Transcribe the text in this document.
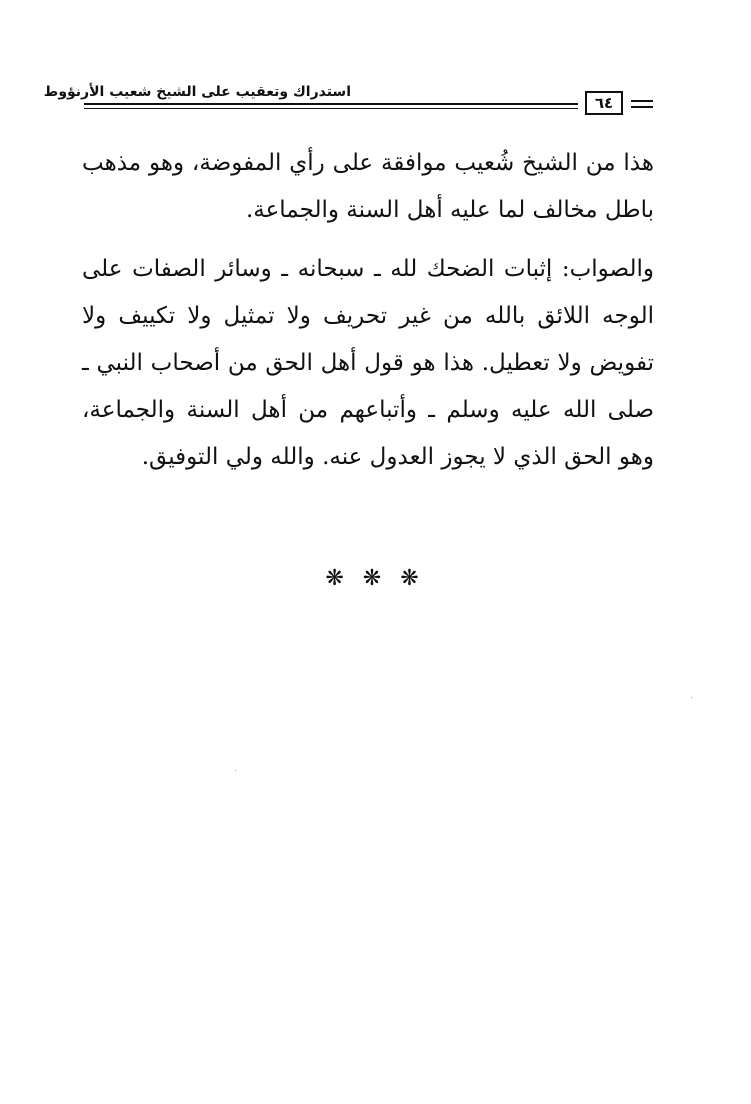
استدراك وتعقيب على الشيخ شعيب الأرنؤوط
٦٤

هذا من الشيخ شُعيب موافقة على رأي المفوضة، وهو مذهب باطل مخالف لما عليه أهل السنة والجماعة.

والصواب: إثبات الضحك لله ـ سبحانه ـ وسائر الصفات على الوجه اللائق بالله من غير تحريف ولا تمثيل ولا تكييف ولا تفويض ولا تعطيل. هذا هو قول أهل الحق من أصحاب النبي ـ صلى الله عليه وسلم ـ وأتباعهم من أهل السنة والجماعة، وهو الحق الذي لا يجوز العدول عنه. والله ولي التوفيق.

❋ ❋ ❋
